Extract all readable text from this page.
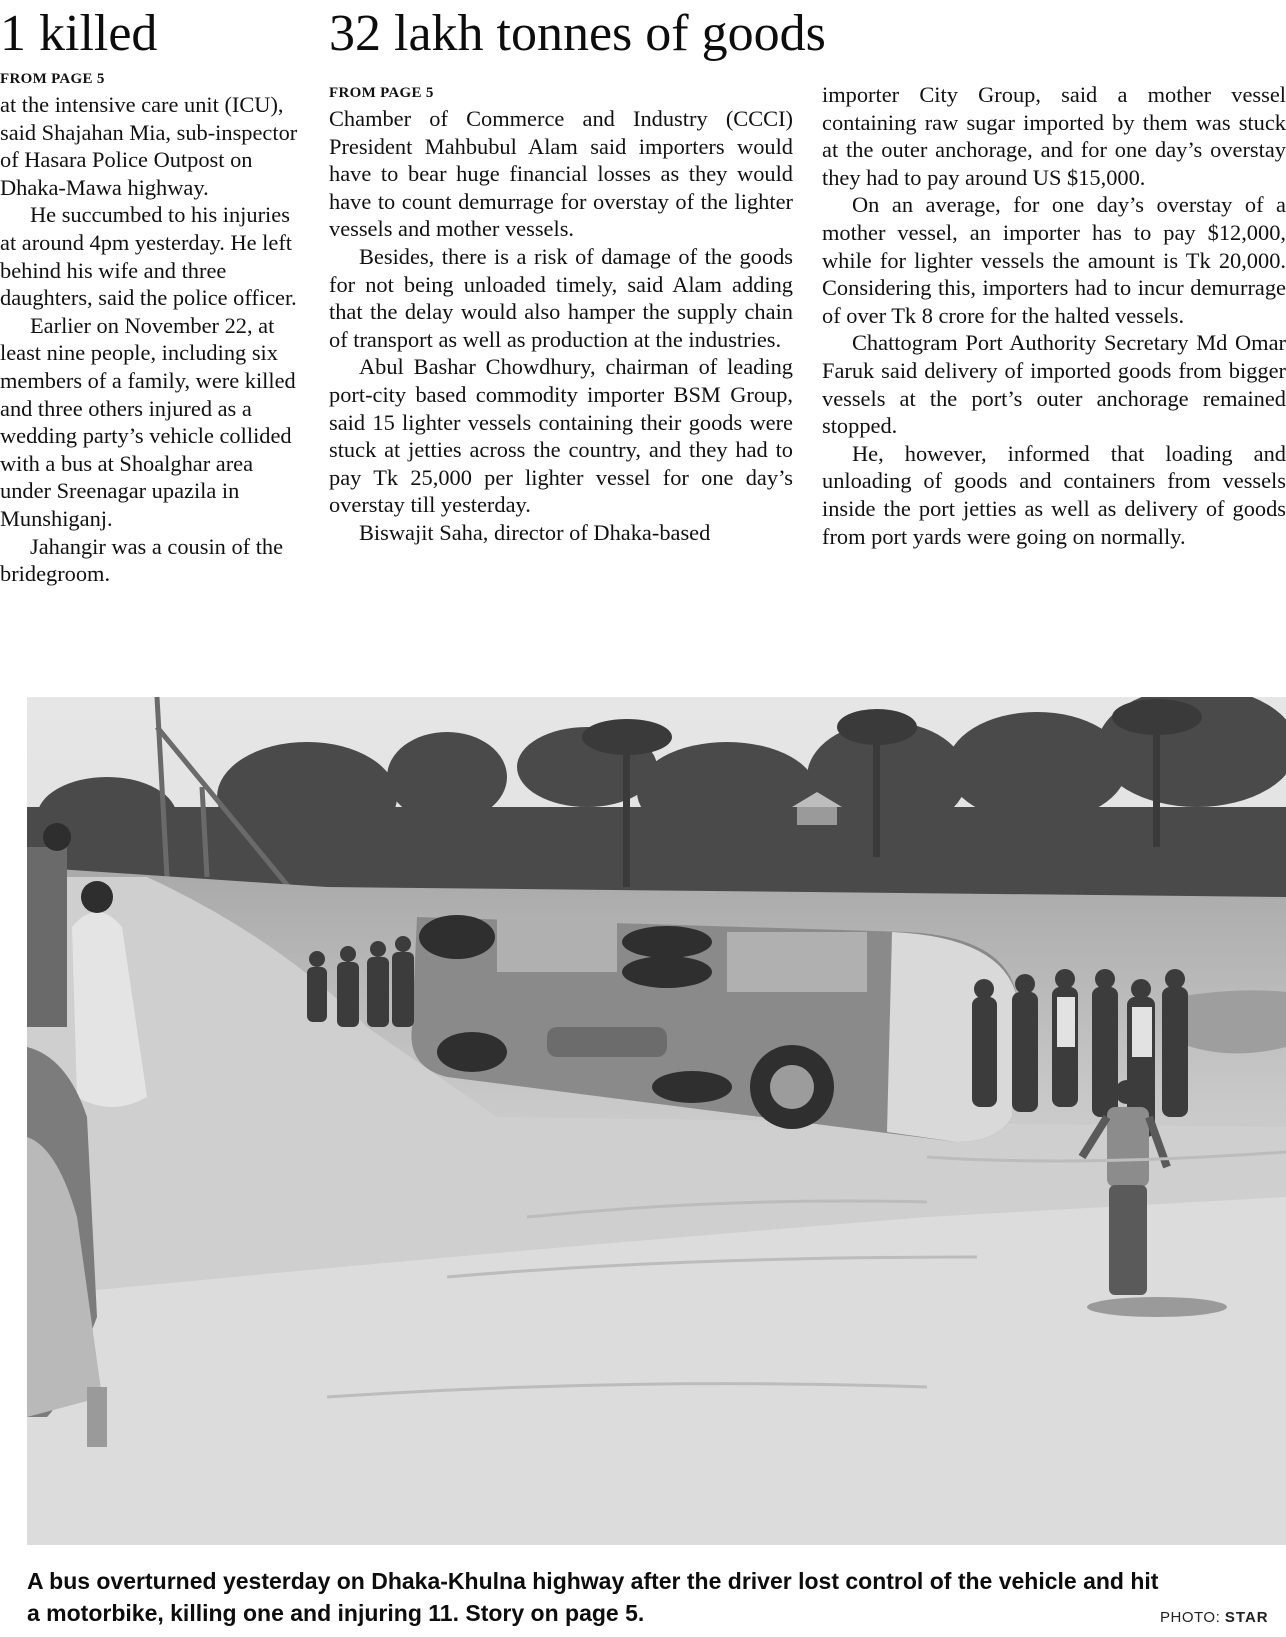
1 killed
FROM PAGE 5

at the intensive care unit (ICU), said Shajahan Mia, sub-inspector of Hasara Police Outpost on Dhaka-Mawa highway.

He succumbed to his injuries at around 4pm yesterday. He left behind his wife and three daughters, said the police officer.

Earlier on November 22, at least nine people, including six members of a family, were killed and three others injured as a wedding party’s vehicle collided with a bus at Shoalghar area under Sreenagar upazila in Munshiganj.

Jahangir was a cousin of the bridegroom.

32 lakh tonnes of goods
FROM PAGE 5

Chamber of Commerce and Industry (CCCI) President Mahbubul Alam said importers would have to bear huge financial losses as they would have to count demurrage for overstay of the lighter vessels and mother vessels.

Besides, there is a risk of damage of the goods for not being unloaded timely, said Alam adding that the delay would also hamper the supply chain of transport as well as production at the industries.

Abul Bashar Chowdhury, chairman of leading port-city based commodity importer BSM Group, said 15 lighter vessels containing their goods were stuck at jetties across the country, and they had to pay Tk 25,000 per lighter vessel for one day’s overstay till yesterday.

Biswajit Saha, director of Dhaka-based

importer City Group, said a mother vessel containing raw sugar imported by them was stuck at the outer anchorage, and for one day’s overstay they had to pay around US $15,000.

On an average, for one day’s overstay of a mother vessel, an importer has to pay $12,000, while for lighter vessels the amount is Tk 20,000. Considering this, importers had to incur demurrage of over Tk 8 crore for the halted vessels.

Chattogram Port Authority Secretary Md Omar Faruk said delivery of imported goods from bigger vessels at the port’s outer anchorage remained stopped.

He, however, informed that loading and unloading of goods and containers from vessels inside the port jetties as well as delivery of goods from port yards were going on normally.

A bus overturned yesterday on Dhaka-Khulna highway after the driver lost control of the vehicle and hit a motorbike, killing one and injuring 11. Story on page 5.	PHOTO: STAR
